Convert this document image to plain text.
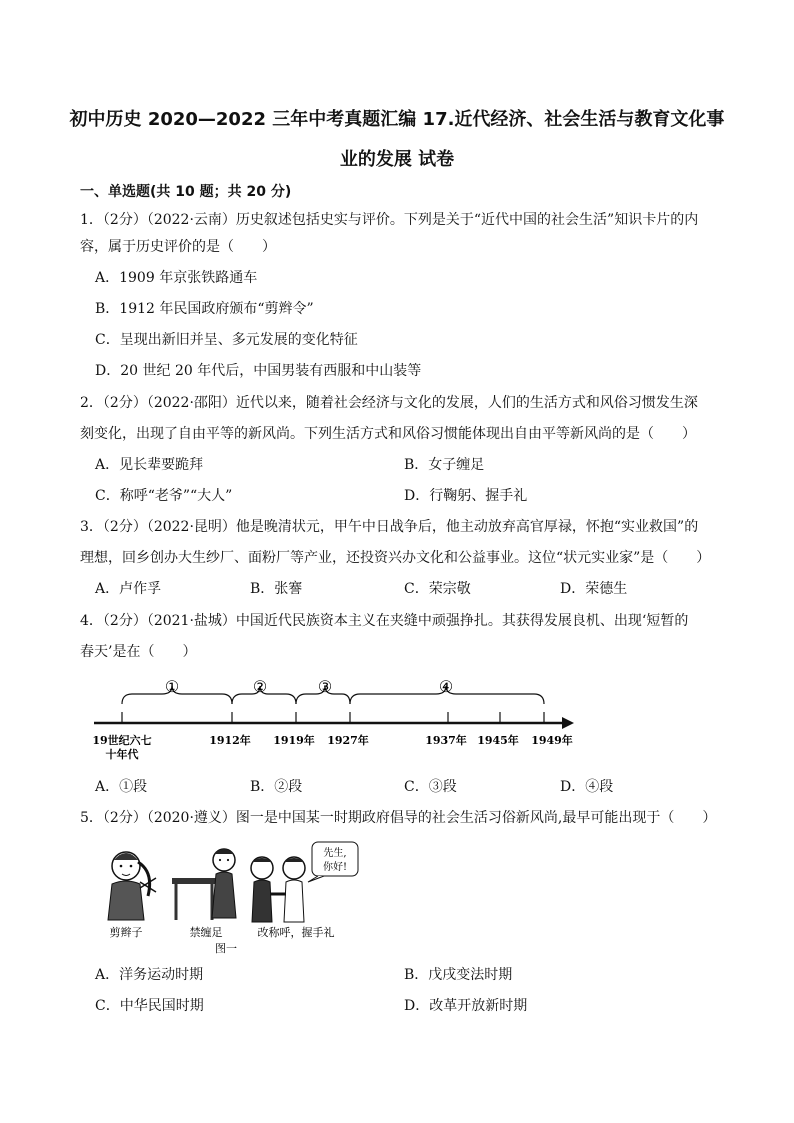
初中历史 2020—2022 三年中考真题汇编 17.近代经济、社会生活与教育文化事
业的发展 试卷
一、单选题(共 10 题；共 20 分)
1．（2分）（2022·云南）历史叙述包括史实与评价。下列是关于“近代中国的社会生活”知识卡片的内
容，属于历史评价的是（　　）
A．1909 年京张铁路通车
B．1912 年民国政府颁布“剪辫令”
C．呈现出新旧并呈、多元发展的变化特征
D．20 世纪 20 年代后，中国男装有西服和中山装等
2．（2分）（2022·邵阳）近代以来，随着社会经济与文化的发展，人们的生活方式和风俗习惯发生深
刻变化，出现了自由平等的新风尚。下列生活方式和风俗习惯能体现出自由平等新风尚的是（　　）
A．见长辈要跪拜	B．女子缠足
C．称呼“老爷”“大人”	D．行鞠躬、握手礼
3．（2分）（2022·昆明）他是晚清状元，甲午中日战争后，他主动放弃高官厚禄，怀抱“实业救国”的
理想，回乡创办大生纱厂、面粉厂等产业，还投资兴办文化和公益事业。这位“状元实业家”是（　　）
A．卢作孚	B．张謇	C．荣宗敬	D．荣德生
4．（2分）（2021·盐城）中国近代民族资本主义在夹缝中顽强挣扎。其获得发展良机、出现‘短暂的
春天’是在（　　）
①	②	③	④
19世纪六七
十年代
1912年 1919年 1927年	1937年 1945年 1949年
A．①段	B．②段	C．③段	D．④段
5．（2分）（2020·遵义）图一是中国某一时期政府倡导的社会生活习俗新风尚,最早可能出现于（　　）
先生,
你好!
剪辫子	禁缠足	改称呼，握手礼
图一
A．洋务运动时期	B．戊戌变法时期
C．中华民国时期	D．改革开放新时期
